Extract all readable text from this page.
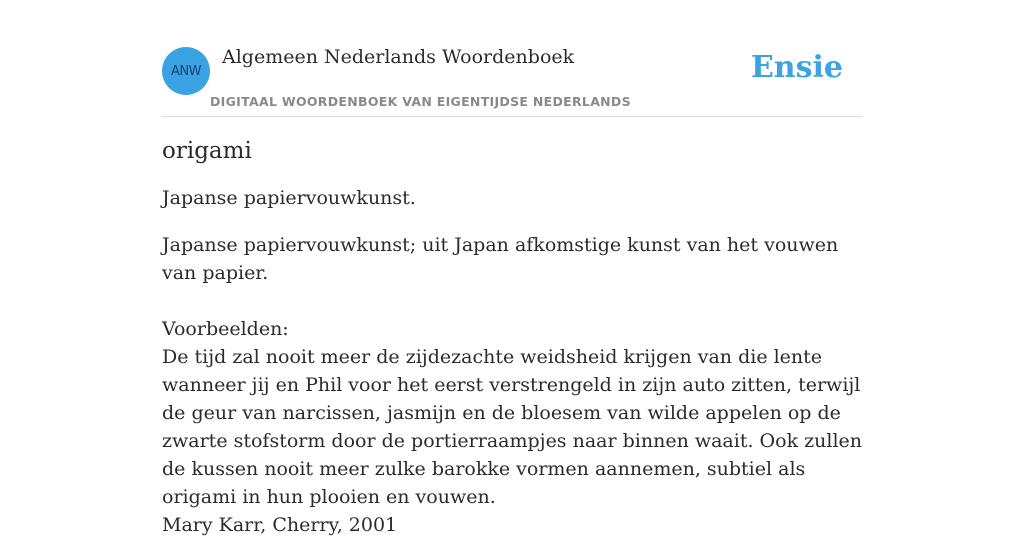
ANW
Algemeen Nederlands Woordenboek
DIGITAAL WOORDENBOEK VAN EIGENTIJDSE NEDERLANDS
Ensie
origami

Japanse papiervouwkunst.

Japanse papiervouwkunst; uit Japan afkomstige kunst van het vouwen van papier.
Voorbeelden:
De tijd zal nooit meer de zijdezachte weidsheid krijgen van die lente wanneer jij en Phil voor het eerst verstrengeld in zijn auto zitten, terwijl de geur van narcissen, jasmijn en de bloesem van wilde appelen op de zwarte stofstorm door de portierraampjes naar binnen waait. Ook zullen de kussen nooit meer zulke barokke vormen aannemen, subtiel als origami in hun plooien en vouwen.
Mary Karr, Cherry, 2001
